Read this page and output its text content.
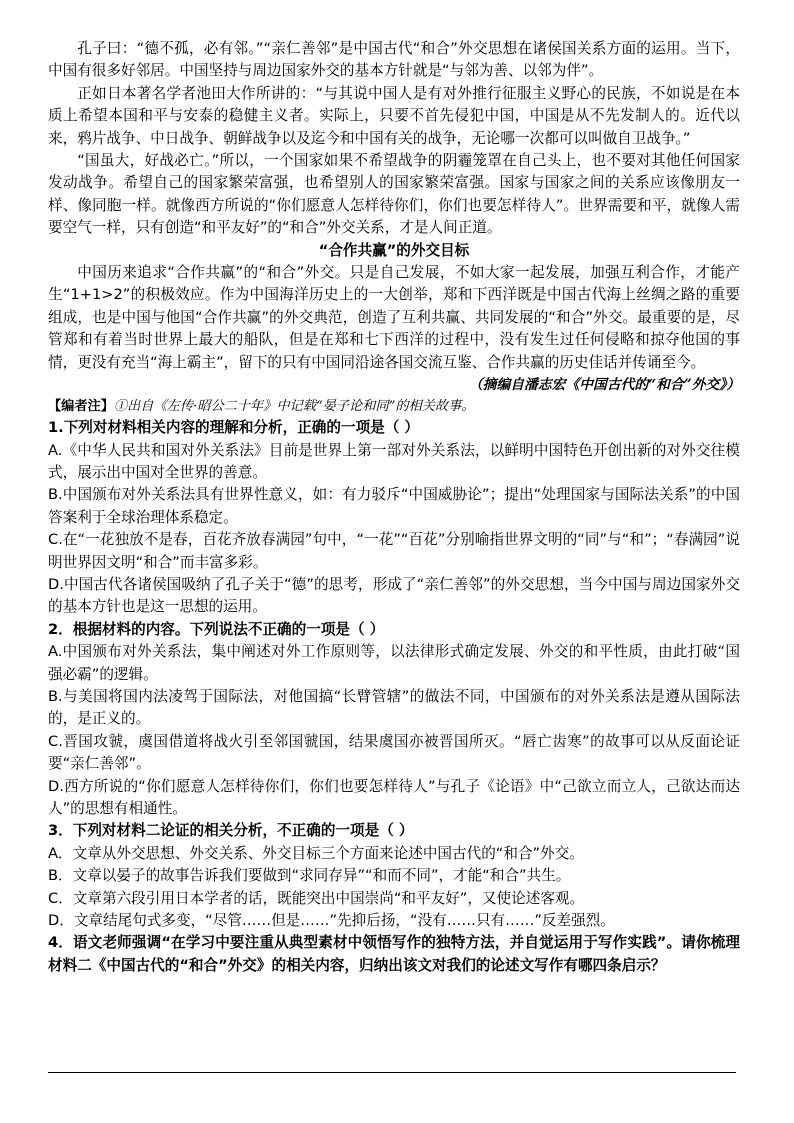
孔子曰：“德不孤，必有邻。”“亲仁善邻”是中国古代“和合”外交思想在诸侯国关系方面的运用。当下，中国有很多好邻居。中国坚持与周边国家外交的基本方针就是“与邻为善、以邻为伴”。

正如日本著名学者池田大作所讲的：“与其说中国人是有对外推行征服主义野心的民族，不如说是在本质上希望本国和平与安泰的稳健主义者。实际上，只要不首先侵犯中国，中国是从不先发制人的。近代以来，鸦片战争、中日战争、朝鲜战争以及迄今和中国有关的战争，无论哪一次都可以叫做自卫战争。”

“国虽大，好战必亡。”所以，一个国家如果不希望战争的阴霾笼罩在自己头上，也不要对其他任何国家发动战争。希望自己的国家繁荣富强，也希望别人的国家繁荣富强。国家与国家之间的关系应该像朋友一样、像同胞一样。就像西方所说的“你们愿意人怎样待你们，你们也要怎样待人”。世界需要和平，就像人需要空气一样，只有创造“和平友好”的“和合”外交关系，才是人间正道。

“合作共赢”的外交目标

中国历来追求“合作共赢”的“和合”外交。只是自己发展，不如大家一起发展，加强互利合作，才能产生“1+1>2”的积极效应。作为中国海洋历史上的一大创举，郑和下西洋既是中国古代海上丝绸之路的重要组成，也是中国与他国“合作共赢”的外交典范，创造了互利共赢、共同发展的“和合”外交。最重要的是，尽管郑和有着当时世界上最大的船队，但是在郑和七下西洋的过程中，没有发生过任何侵略和掠夺他国的事情，更没有充当“海上霸主”，留下的只有中国同沿途各国交流互鉴、合作共赢的历史佳话并传诵至今。

（摘编自潘志宏《中国古代的“和合”外交》）

【编者注】①出自《左传·昭公二十年》中记载“晏子论和同”的相关故事。

1.下列对材料相关内容的理解和分析，正确的一项是（ ）

A.《中华人民共和国对外关系法》目前是世界上第一部对外关系法，以鲜明中国特色开创出新的对外交往模式，展示出中国对全世界的善意。

B.中国颁布对外关系法具有世界性意义，如：有力驳斥“中国威胁论”；提出“处理国家与国际法关系”的中国答案利于全球治理体系稳定。

C.在“一花独放不是春，百花齐放春满园”句中，“一花”“百花”分别喻指世界文明的“同”与“和”；“春满园”说明世界因文明“和合”而丰富多彩。

D.中国古代各诸侯国吸纳了孔子关于“德”的思考，形成了“亲仁善邻”的外交思想，当今中国与周边国家外交的基本方针也是这一思想的运用。

2．根据材料的内容。下列说法不正确的一项是（ ）

A.中国颁布对外关系法，集中阐述对外工作原则等，以法律形式确定发展、外交的和平性质，由此打破“国强必霸”的逻辑。

B.与美国将国内法凌驾于国际法，对他国搞“长臂管辖”的做法不同，中国颁布的对外关系法是遵从国际法的，是正义的。

C.晋国攻虢，虞国借道将战火引至邻国虢国，结果虞国亦被晋国所灭。“唇亡齿寒”的故事可以从反面论证要“亲仁善邻”。

D.西方所说的“你们愿意人怎样待你们，你们也要怎样待人”与孔子《论语》中“己欲立而立人，己欲达而达人”的思想有相通性。

3．下列对材料二论证的相关分析，不正确的一项是（ ）

A．文章从外交思想、外交关系、外交目标三个方面来论述中国古代的“和合”外交。

B．文章以晏子的故事告诉我们要做到“求同存异”“和而不同”，才能“和合”共生。

C．文章第六段引用日本学者的话，既能突出中国崇尚“和平友好”，又使论述客观。

D．文章结尾句式多变，“尽管……但是……”先抑后扬，“没有……只有……”反差强烈。

4．语文老师强调“在学习中要注重从典型素材中领悟写作的独特方法，并自觉运用于写作实践”。请你梳理材料二《中国古代的“和合”外交》的相关内容，归纳出该文对我们的论述文写作有哪四条启示？
